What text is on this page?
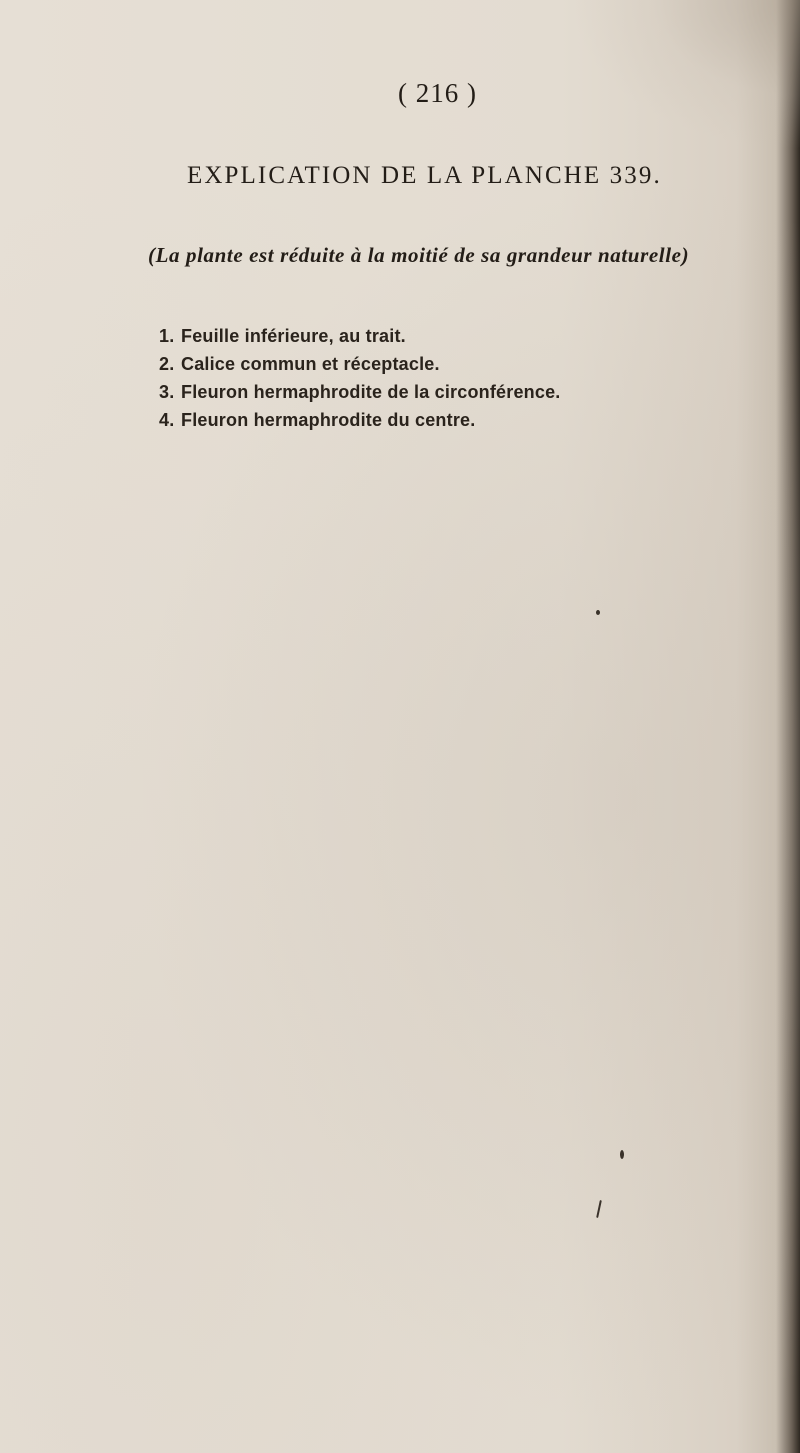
( 216 )
EXPLICATION DE LA PLANCHE 339.
(La plante est réduite à la moitié de sa grandeur naturelle)
1. Feuille inférieure, au trait.
2. Calice commun et réceptacle.
3. Fleuron hermaphrodite de la circonférence.
4. Fleuron hermaphrodite du centre.
